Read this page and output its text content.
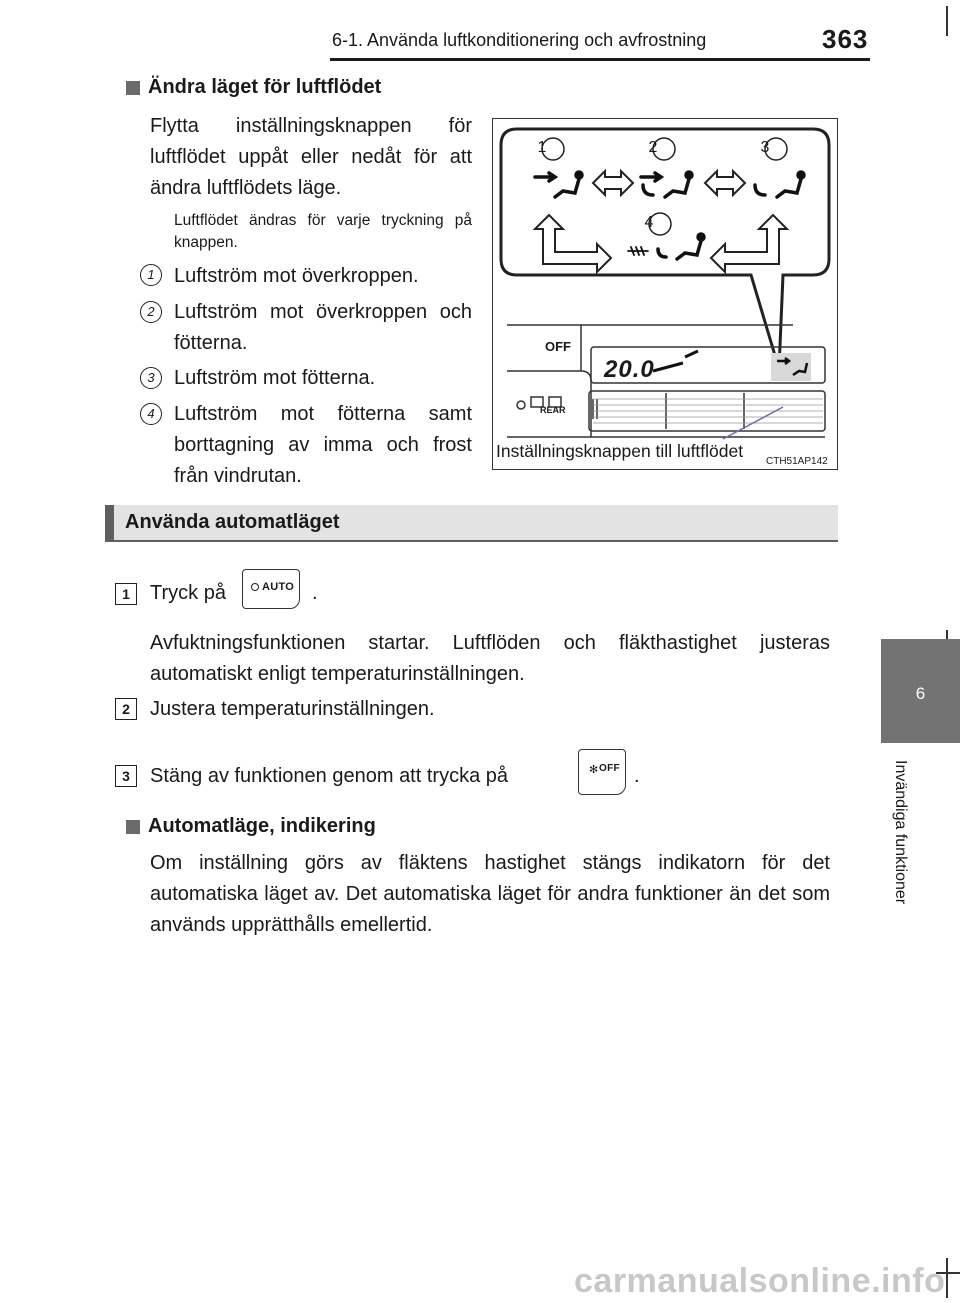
6-1. Använda luftkonditionering och avfrostning	363
6
Invändiga funktioner
Ändra läget för luftflödet
Flytta inställningsknappen för luftflödet uppåt eller nedåt för att ändra luftflödets läge.
Luftflödet ändras för varje tryckning på knappen.
1 Luftström mot överkroppen.
2 Luftström mot överkroppen och fötterna.
3 Luftström mot fötterna.
4 Luftström mot fötterna samt borttagning av imma och frost från vindrutan.
1	2	3
4
OFF
REAR
20.0
Inställningsknappen till luftflödet
CTH51AP142
Använda automatläget
1	Tryck på	AUTO .
Avfuktningsfunktionen startar. Luftflöden och fläkthastighet justeras automatiskt enligt temperaturinställningen.
2	Justera temperaturinställningen.
3	Stäng av funktionen genom att trycka på	✻ OFF .
Automatläge, indikering
Om inställning görs av fläktens hastighet stängs indikatorn för det automatiska läget av. Det automatiska läget för andra funktioner än det som används upprätthålls emellertid.
carmanualsonline.info
